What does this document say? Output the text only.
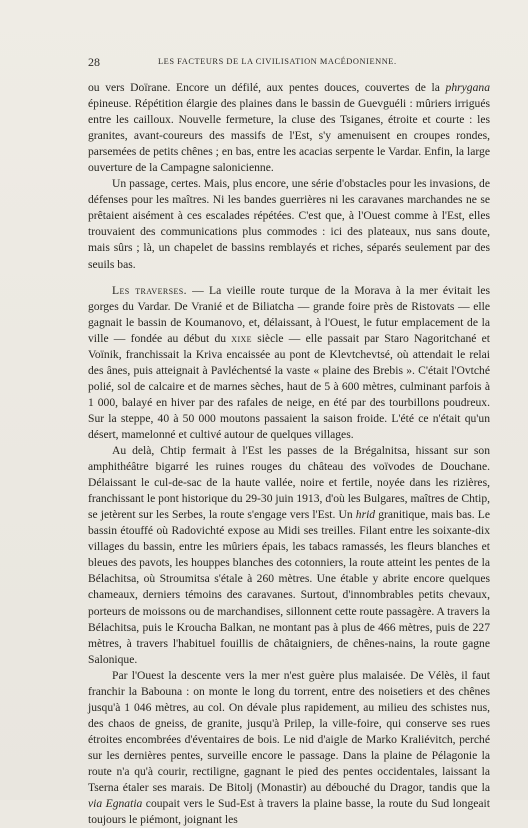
28	LES FACTEURS DE LA CIVILISATION MACÉDONIENNE.

ou vers Doïrane. Encore un défilé, aux pentes douces, couvertes de la phrygana épineuse. Répétition élargie des plaines dans le bassin de Guevguéli : mûriers irrigués entre les cailloux. Nouvelle fermeture, la cluse des Tsiganes, étroite et courte : les granites, avant-coureurs des massifs de l'Est, s'y amenuisent en croupes rondes, parsemées de petits chênes ; en bas, entre les acacias serpente le Vardar. Enfin, la large ouverture de la Campagne salonicienne.

Un passage, certes. Mais, plus encore, une série d'obstacles pour les invasions, de défenses pour les maîtres. Ni les bandes guerrières ni les caravanes marchandes ne se prêtaient aisément à ces escalades répétées. C'est que, à l'Ouest comme à l'Est, elles trouvaient des communications plus commodes : ici des plateaux, nus sans doute, mais sûrs ; là, un chapelet de bassins remblayés et riches, séparés seulement par des seuils bas.

Les traverses. — La vieille route turque de la Morava à la mer évitait les gorges du Vardar. De Vranié et de Biliatcha — grande foire près de Ristovats — elle gagnait le bassin de Koumanovo, et, délaissant, à l'Ouest, le futur emplacement de la ville — fondée au début du xixe siècle — elle passait par Staro Nagoritchané et Voïnik, franchissait la Kriva encaissée au pont de Klevtchevtsé, où attendait le relai des ânes, puis atteignait à Pavléchentsé la vaste « plaine des Brebis ». C'était l'Ovtché polié, sol de calcaire et de marnes sèches, haut de 5 à 600 mètres, culminant parfois à 1 000, balayé en hiver par des rafales de neige, en été par des tourbillons poudreux. Sur la steppe, 40 à 50 000 moutons passaient la saison froide. L'été ce n'était qu'un désert, mamelonné et cultivé autour de quelques villages.

Au delà, Chtip fermait à l'Est les passes de la Brégalnitsa, hissant sur son amphithéâtre bigarré les ruines rouges du château des voïvodes de Douchane. Délaissant le cul-de-sac de la haute vallée, noire et fertile, noyée dans les rizières, franchissant le pont historique du 29-30 juin 1913, d'où les Bulgares, maîtres de Chtip, se jetèrent sur les Serbes, la route s'engage vers l'Est. Un hrid granitique, mais bas. Le bassin étouffé où Radovichté expose au Midi ses treilles. Filant entre les soixante-dix villages du bassin, entre les mûriers épais, les tabacs ramassés, les fleurs blanches et bleues des pavots, les houppes blanches des cotonniers, la route atteint les pentes de la Bélachitsa, où Stroumitsa s'étale à 260 mètres. Une étable y abrite encore quelques chameaux, derniers témoins des caravanes. Surtout, d'innombrables petits chevaux, porteurs de moissons ou de marchandises, sillonnent cette route passagère. A travers la Bélachitsa, puis le Kroucha Balkan, ne montant pas à plus de 466 mètres, puis de 227 mètres, à travers l'habituel fouillis de châtaigniers, de chênes-nains, la route gagne Salonique.

Par l'Ouest la descente vers la mer n'est guère plus malaisée. De Vélès, il faut franchir la Babouna : on monte le long du torrent, entre des noisetiers et des chênes jusqu'à 1 046 mètres, au col. On dévale plus rapidement, au milieu des schistes nus, des chaos de gneiss, de granite, jusqu'à Prilep, la ville-foire, qui conserve ses rues étroites encombrées d'éventaires de bois. Le nid d'aigle de Marko Kraliévitch, perché sur les dernières pentes, surveille encore le passage. Dans la plaine de Pélagonie la route n'a qu'à courir, rectiligne, gagnant le pied des pentes occidentales, laissant la Tserna étaler ses marais. De Bitolj (Monastir) au débouché du Dragor, tandis que la via Egnatia coupait vers le Sud-Est à travers la plaine basse, la route du Sud longeait toujours le piémont, joignant les
